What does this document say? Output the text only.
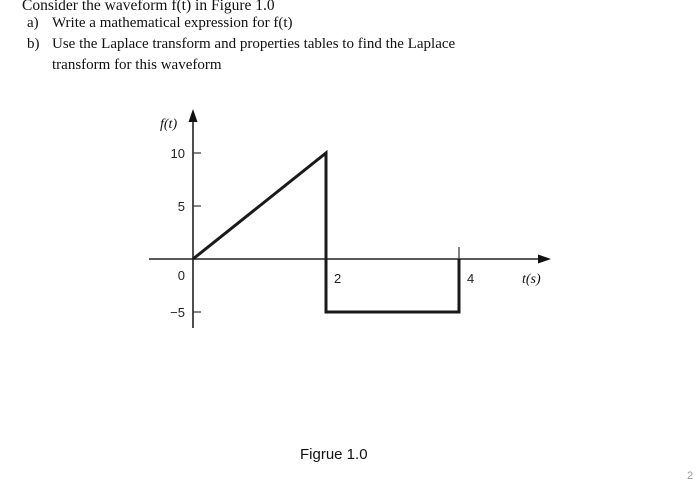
Consider the waveform f(t) in Figure 1.0
a) Write a mathematical expression for f(t)
b) Use the Laplace transform and properties tables to find the Laplace
transform for this waveform
f(t)
t(s)
10
5
0
−5
2	4
Figrue 1.0
2
